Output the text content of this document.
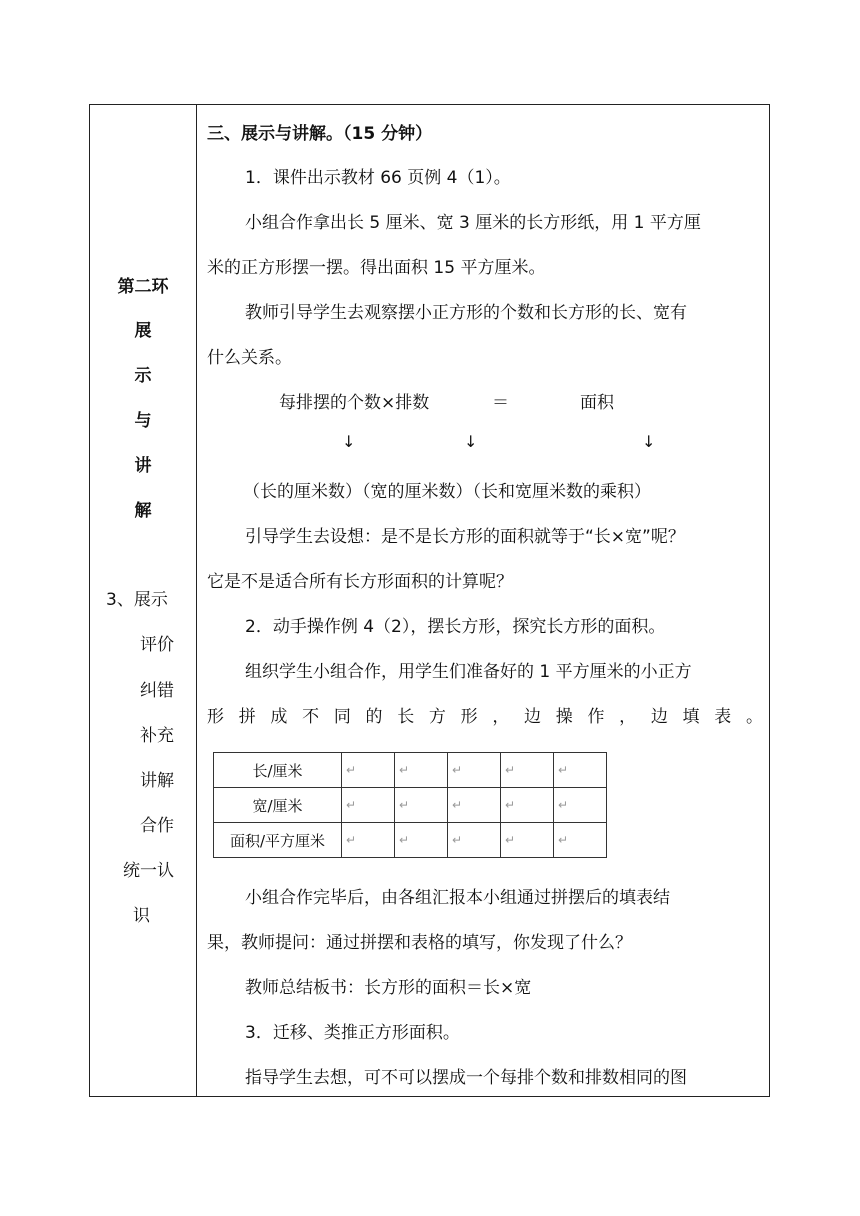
第二环
展
示
与
讲
解
3、展示
评价
纠错
补充
讲解
合作
统一认
识
三、展示与讲解。（15 分钟）
1．课件出示教材 66 页例 4（1）。
小组合作拿出长 5 厘米、宽 3 厘米的长方形纸，用 1 平方厘
米的正方形摆一摆。得出面积 15 平方厘米。
教师引导学生去观察摆小正方形的个数和长方形的长、宽有
什么关系。
每排摆的个数×排数	＝	面积
↓	↓	↓
（长的厘米数）（宽的厘米数）（长和宽厘米数的乘积）
引导学生去设想：是不是长方形的面积就等于“长×宽”呢？
它是不是适合所有长方形面积的计算呢？
2．动手操作例 4（2），摆长方形，探究长方形的面积。
组织学生小组合作，用学生们准备好的 1 平方厘米的小正方
形 拼 成 不 同 的 长 方 形 ， 边 操 作 ， 边 填 表 。
长/厘米	↵	↵	↵	↵	↵
宽/厘米	↵	↵	↵	↵	↵
面积/平方厘米	↵	↵	↵	↵	↵
小组合作完毕后，由各组汇报本小组通过拼摆后的填表结
果，教师提问：通过拼摆和表格的填写，你发现了什么？
教师总结板书：长方形的面积＝长×宽
3．迁移、类推正方形面积。
指导学生去想，可不可以摆成一个每排个数和排数相同的图
